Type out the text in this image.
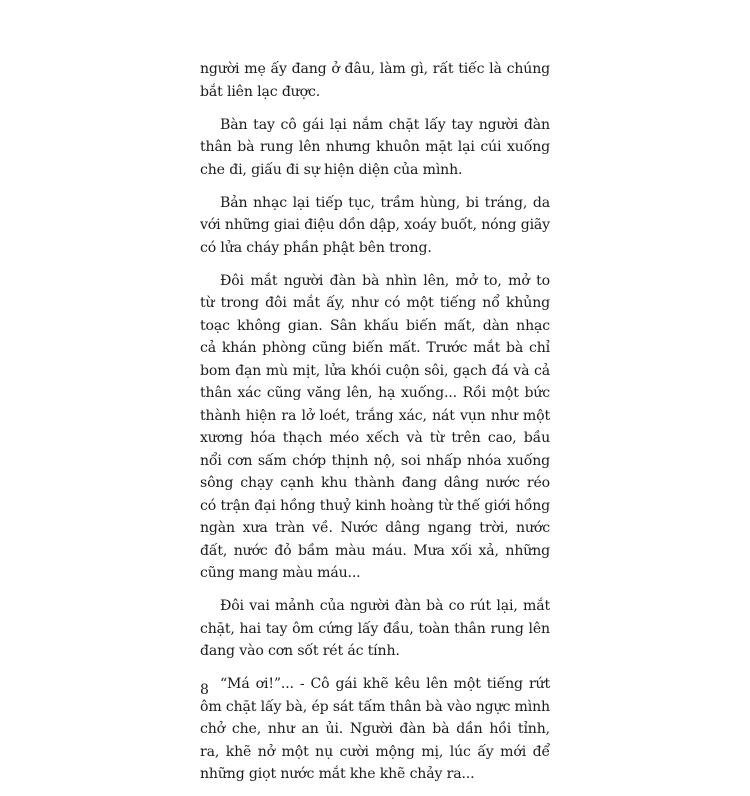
người mẹ ấy đang ở đâu, làm gì, rất tiếc là chúng
bắt liên lạc được.

Bàn tay cô gái lại nắm chặt lấy tay người đàn
thân bà rung lên nhưng khuôn mặt lại cúi xuống
che đi, giấu đi sự hiện diện của mình.

Bản nhạc lại tiếp tục, trầm hùng, bi tráng, da
với những giai điệu dồn dập, xoáy buốt, nóng giãy
có lửa cháy phần phật bên trong.

Đôi mắt người đàn bà nhìn lên, mở to, mở to
từ trong đôi mắt ấy, như có một tiếng nổ khủng
toạc không gian. Sân khấu biến mất, dàn nhạc
cả khán phòng cũng biến mất. Trước mắt bà chỉ
bom đạn mù mịt, lửa khói cuộn sôi, gạch đá và cả
thân xác cũng văng lên, hạ xuống... Rồi một bức
thành hiện ra lở loét, trắng xác, nát vụn như một
xương hóa thạch méo xếch và từ trên cao, bầu
nổi cơn sấm chớp thịnh nộ, soi nhấp nhóa xuống
sông chạy cạnh khu thành đang dâng nước réo
có trận đại hồng thuỷ kinh hoàng từ thế giới hồng
ngàn xưa tràn về. Nước dâng ngang trời, nước
đất, nước đỏ bầm màu máu. Mưa xối xả, những
cũng mang màu máu...

Đôi vai mảnh của người đàn bà co rút lại, mắt
chặt, hai tay ôm cứng lấy đầu, toàn thân rung lên
đang vào cơn sốt rét ác tính.

“Má ơi!”... - Cô gái khẽ kêu lên một tiếng rứt
ôm chặt lấy bà, ép sát tấm thân bà vào ngực mình
chở che, như an ủi. Người đàn bà dần hồi tỉnh,
ra, khẽ nở một nụ cười mộng mị, lúc ấy mới để
những giọt nước mắt khe khẽ chảy ra...

8
